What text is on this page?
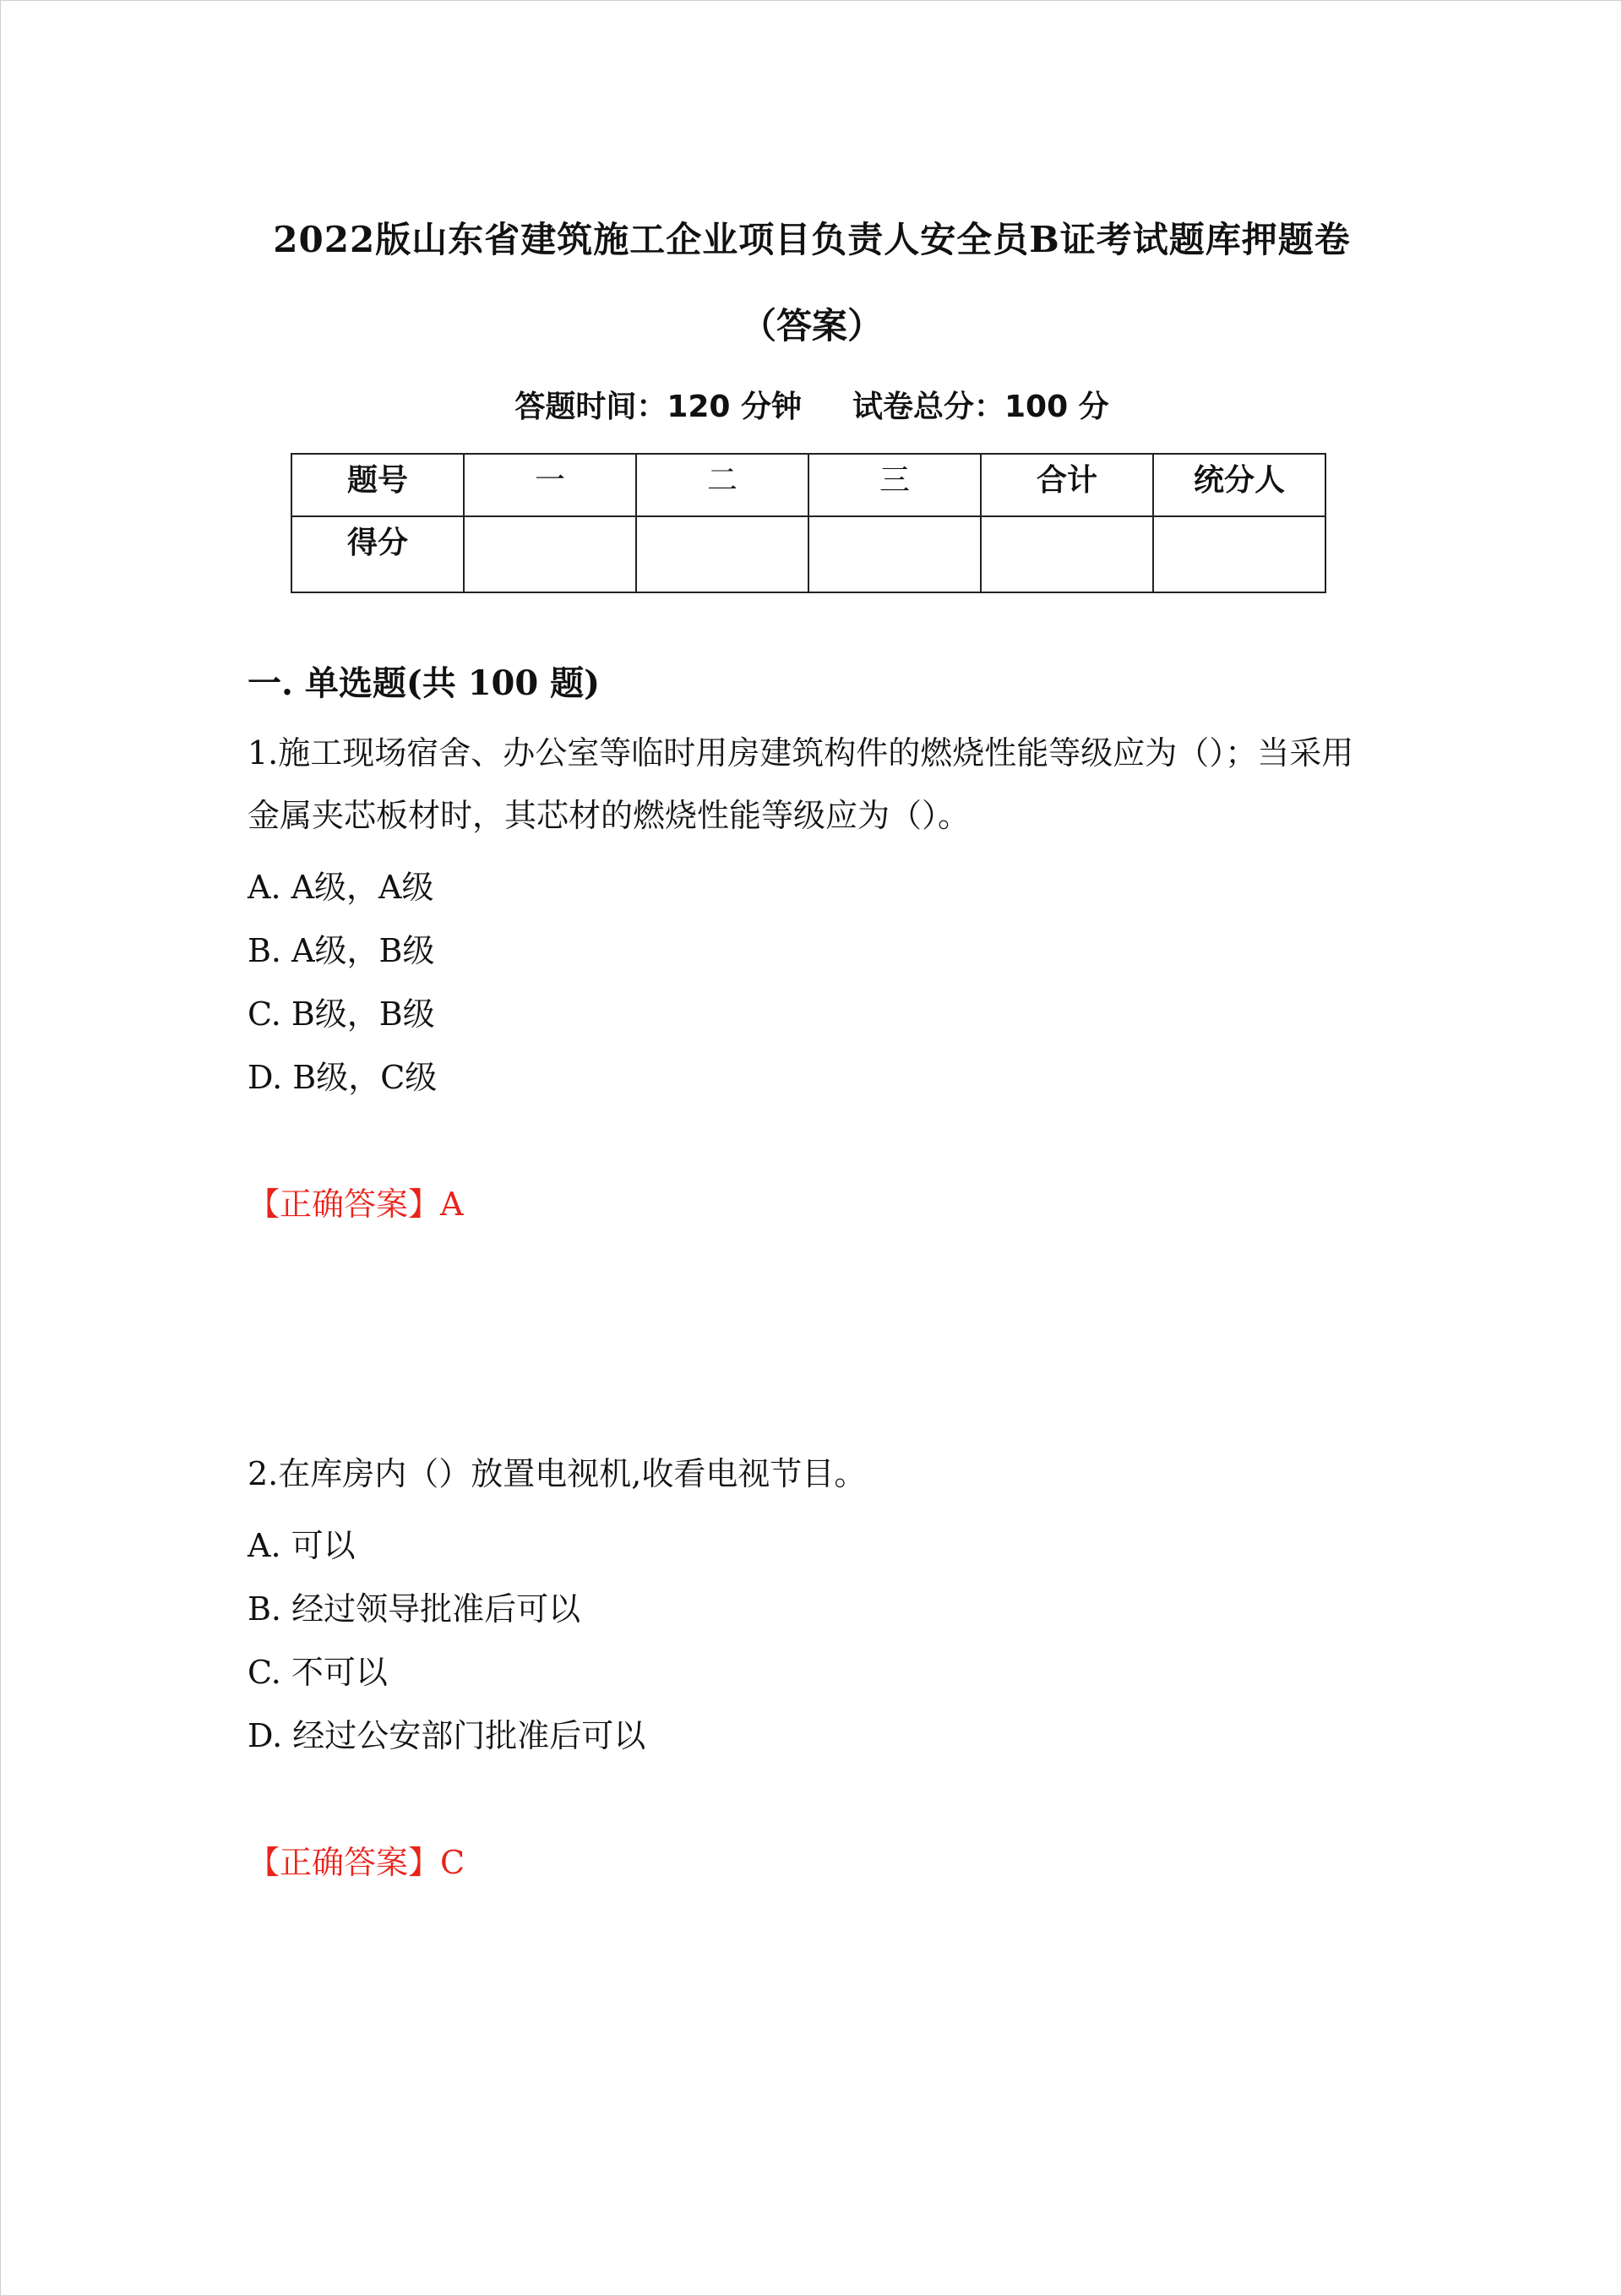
2022版山东省建筑施工企业项目负责人安全员B证考试题库押题卷
（答案）
答题时间：120 分钟 试卷总分：100 分
题号	一	二	三	合计	统分人
得分					
一. 单选题(共 100 题)
1.施工现场宿舍、办公室等临时用房建筑构件的燃烧性能等级应为（）；当采用金属夹芯板材时，其芯材的燃烧性能等级应为（）。
A. A级，A级
B. A级，B级
C. B级，B级
D. B级，C级
【正确答案】A
2.在库房内（）放置电视机,收看电视节目。
A. 可以
B. 经过领导批准后可以
C. 不可以
D. 经过公安部门批准后可以
【正确答案】C
